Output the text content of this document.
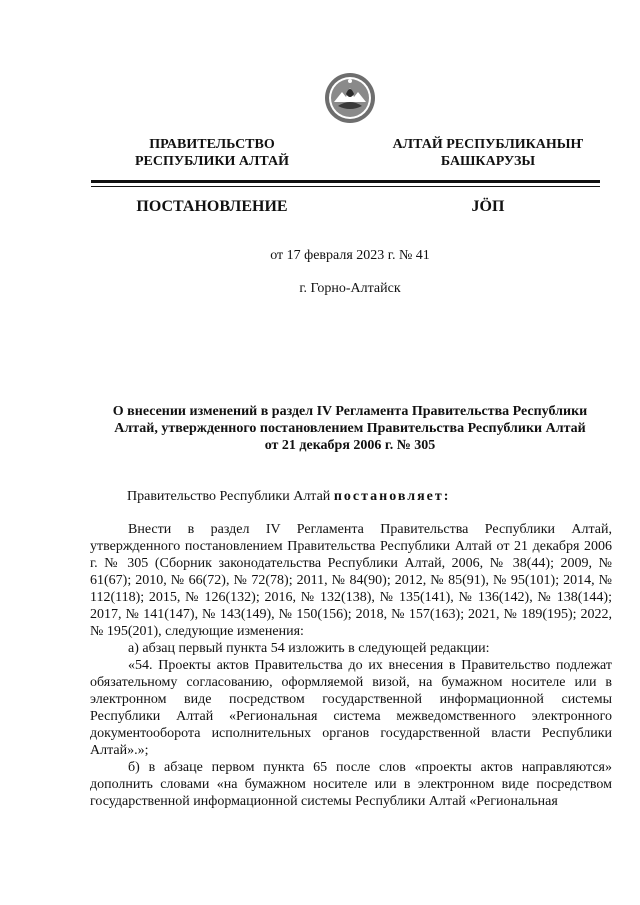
ПРАВИТЕЛЬСТВО
РЕСПУБЛИКИ АЛТАЙ
АЛТАЙ РЕСПУБЛИКАНЫҤ
БАШКАРУЗЫ
ПОСТАНОВЛЕНИЕ	JÖП
от 17 февраля 2023 г. № 41
г. Горно-Алтайск
О внесении изменений в раздел IV Регламента Правительства Республики
Алтай, утвержденного постановлением Правительства Республики Алтай
от 21 декабря 2006 г. № 305
Правительство Республики Алтай постановляет:

Внести в раздел IV Регламента Правительства Республики Алтай, утвержденного постановлением Правительства Республики Алтай от 21 декабря 2006 г. № 305 (Сборник законодательства Республики Алтай, 2006, № 38(44); 2009, № 61(67); 2010, № 66(72), № 72(78); 2011, № 84(90); 2012, № 85(91), № 95(101); 2014, № 112(118); 2015, № 126(132); 2016, № 132(138), № 135(141), № 136(142), № 138(144); 2017, № 141(147), № 143(149), № 150(156); 2018, № 157(163); 2021, № 189(195); 2022, № 195(201), следующие изменения:

а) абзац первый пункта 54 изложить в следующей редакции:

«54. Проекты актов Правительства до их внесения в Правительство подлежат обязательному согласованию, оформляемой визой, на бумажном носителе или в электронном виде посредством государственной информационной системы Республики Алтай «Региональная система межведомственного электронного документооборота исполнительных органов государственной власти Республики Алтай».»;

б) в абзаце первом пункта 65 после слов «проекты актов направляются» дополнить словами «на бумажном носителе или в электронном виде посредством государственной информационной системы Республики Алтай «Региональная
